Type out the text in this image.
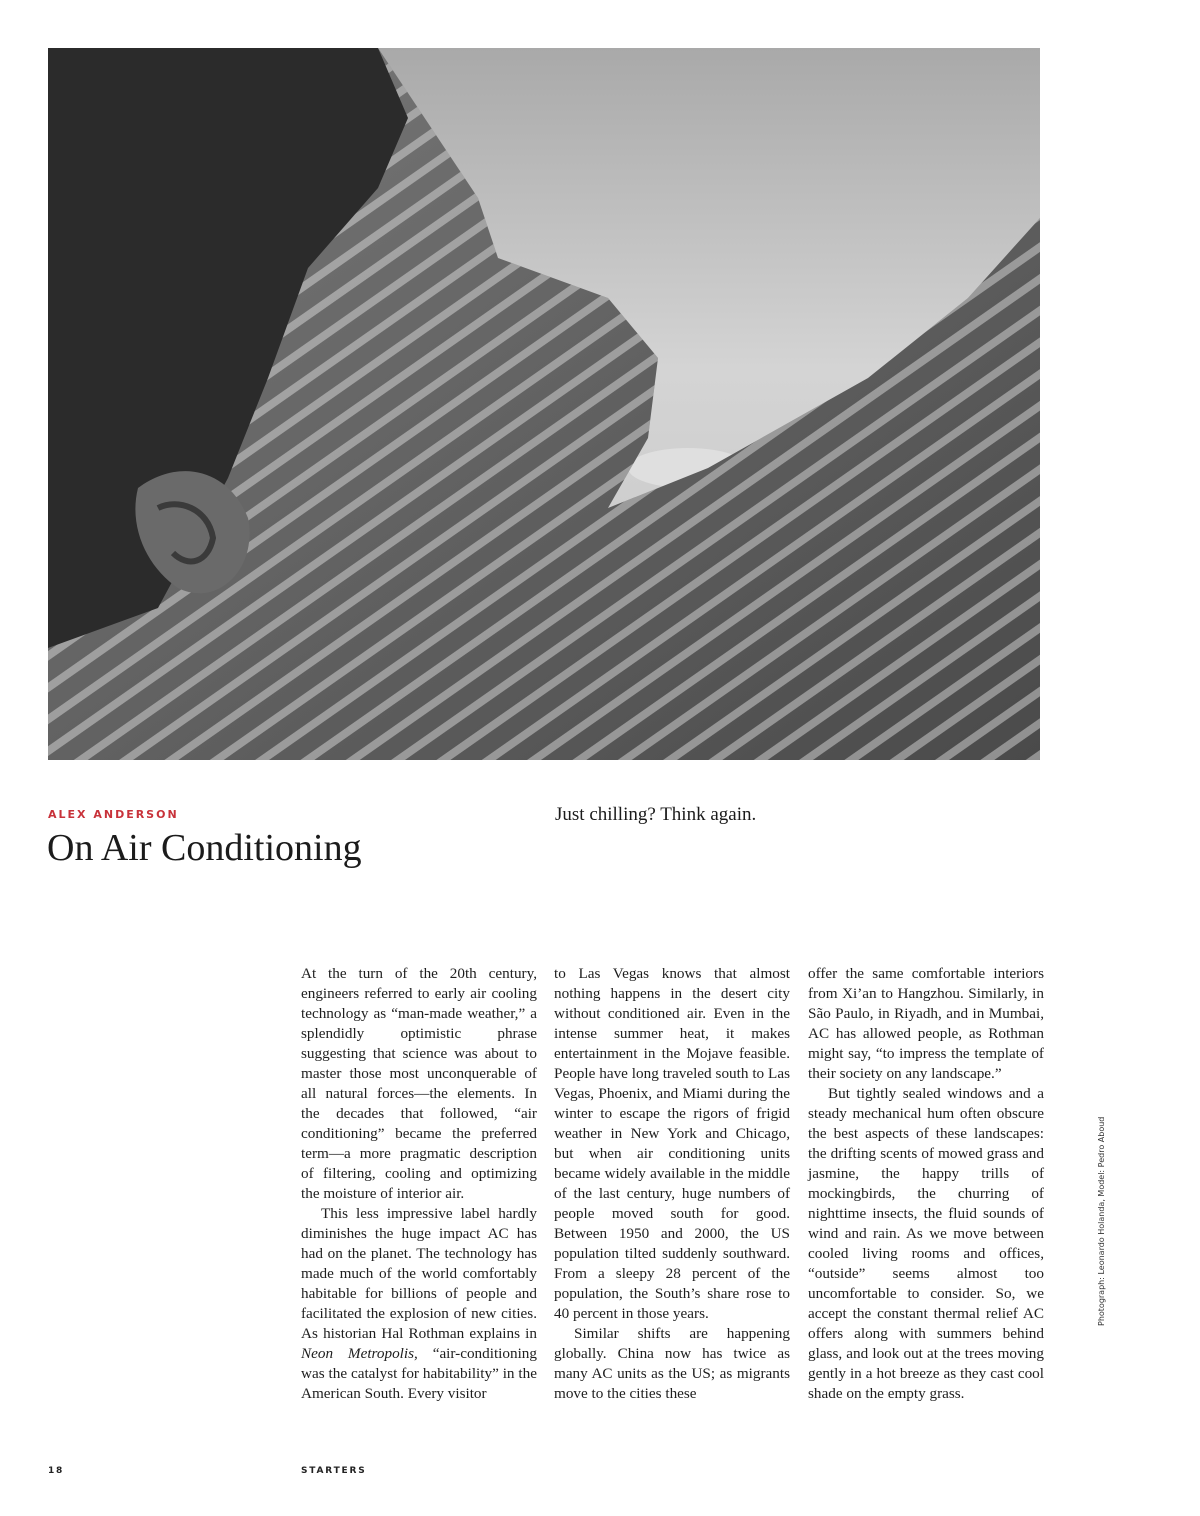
ALEX ANDERSON
On Air Conditioning
Just chilling? Think again.

At the turn of the 20th century, engineers referred to early air cooling technology as “man-made weather,” a splendidly optimistic phrase suggesting that science was about to master those most unconquerable of all natural forces—the elements. In the decades that followed, “air conditioning” became the preferred term—a more pragmatic description of filtering, cooling and optimizing the moisture of interior air.

This less impressive label hardly diminishes the huge impact AC has had on the planet. The technology has made much of the world comfortably habitable for billions of people and facilitated the explosion of new cities. As historian Hal Rothman explains in Neon Metropolis, “air-conditioning was the catalyst for habitability” in the American South. Every visitor

to Las Vegas knows that almost nothing happens in the desert city without conditioned air. Even in the intense summer heat, it makes entertainment in the Mojave feasible. People have long traveled south to Las Vegas, Phoenix, and Miami during the winter to escape the rigors of frigid weather in New York and Chicago, but when air conditioning units became widely available in the middle of the last century, huge numbers of people moved south for good. Between 1950 and 2000, the US population tilted suddenly southward. From a sleepy 28 percent of the population, the South’s share rose to 40 percent in those years.

Similar shifts are happening globally. China now has twice as many AC units as the US; as migrants move to the cities these

offer the same comfortable interiors from Xi’an to Hangzhou. Similarly, in São Paulo, in Riyadh, and in Mumbai, AC has allowed people, as Rothman might say, “to impress the template of their society on any landscape.”

But tightly sealed windows and a steady mechanical hum often obscure the best aspects of these landscapes: the drifting scents of mowed grass and jasmine, the happy trills of mockingbirds, the churring of nighttime insects, the fluid sounds of wind and rain. As we move between cooled living rooms and offices, “outside” seems almost too uncomfortable to consider. So, we accept the constant thermal relief AC offers along with summers behind glass, and look out at the trees moving gently in a hot breeze as they cast cool shade on the empty grass.

18	STARTERS
Photograph: Leonardo Holanda, Model: Pedro Aboud
